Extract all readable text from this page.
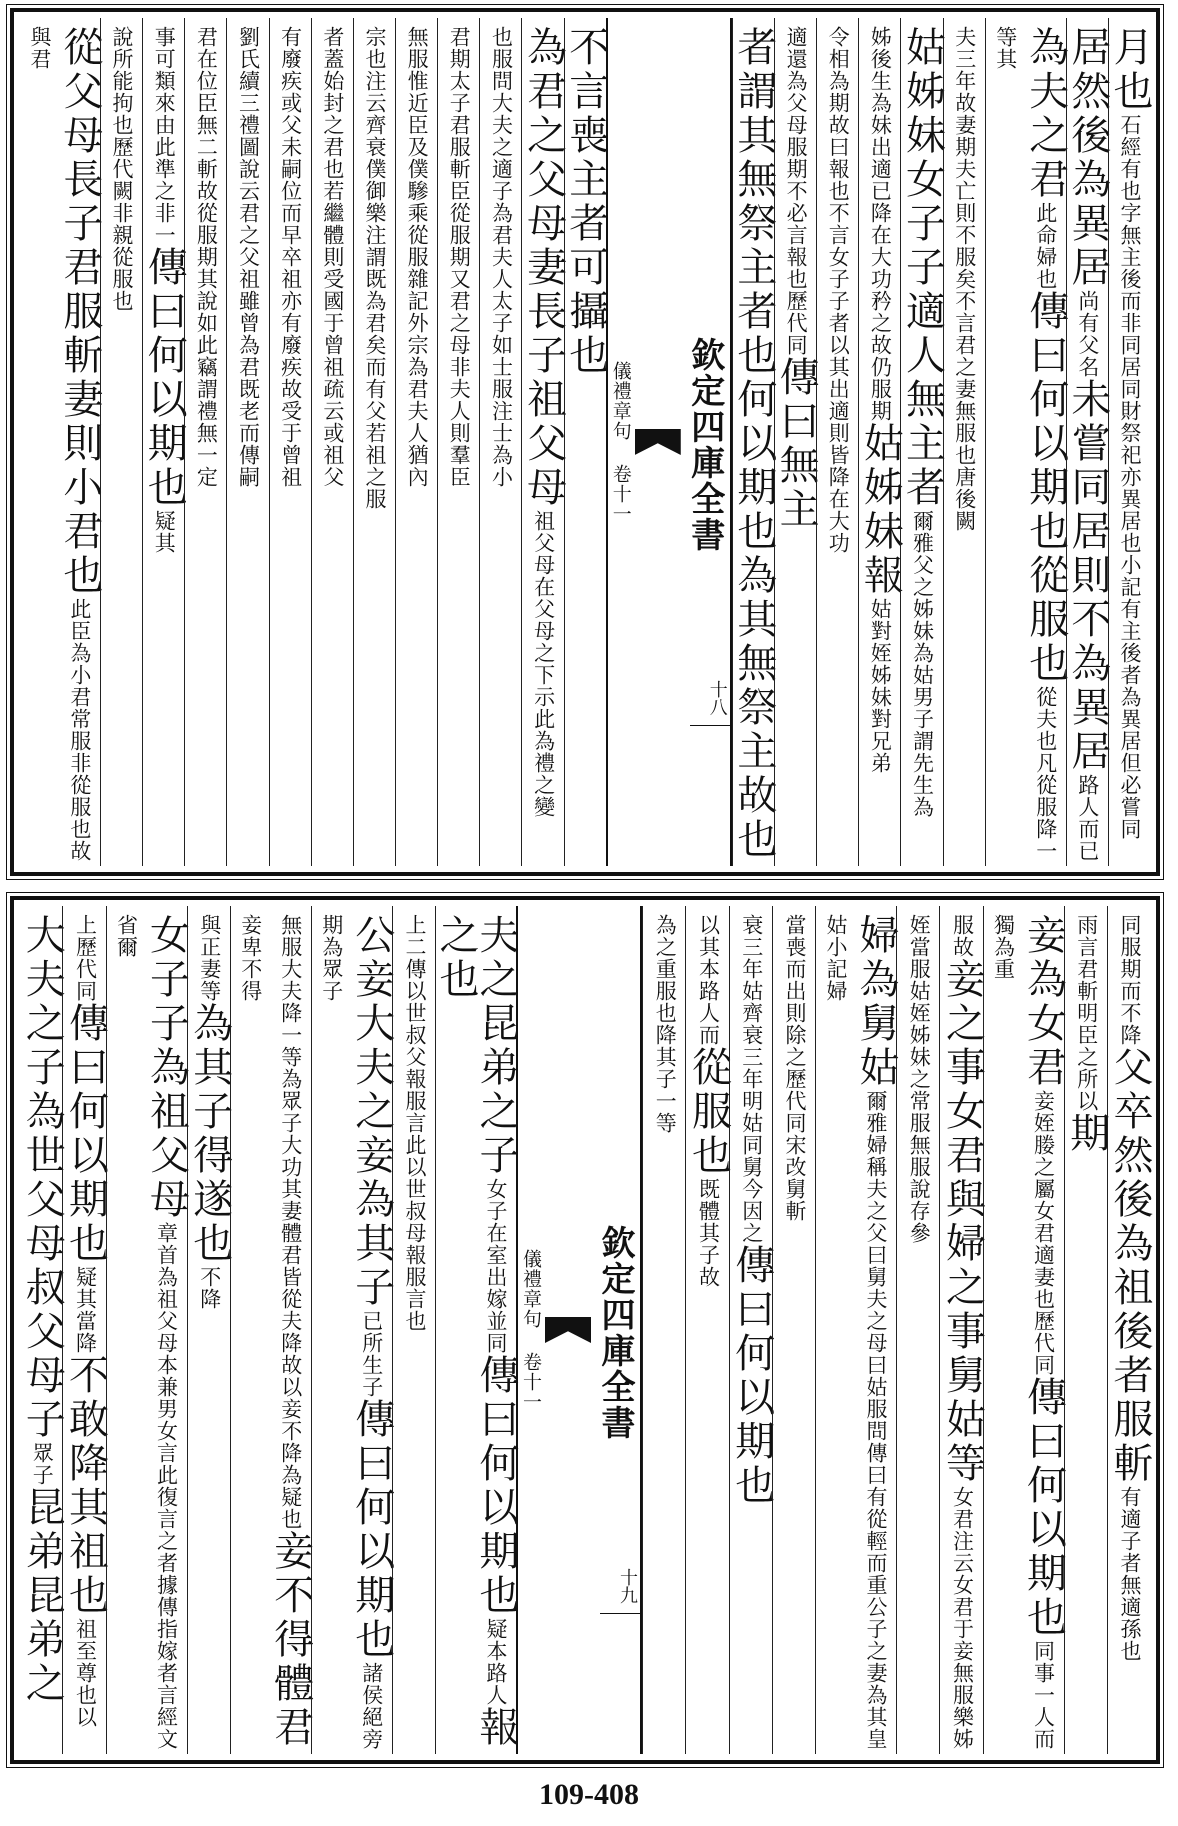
月也石經有也字無主後而非同居同財祭祀亦異居也小記有主後者為異居但必嘗同
居然後為異居尚有父名未嘗同居則不為異居路人而已
為夫之君此命婦也傳曰何以期也從服也從夫也凡從服降一等其
夫三年故妻期夫亡則不服矣不言君之妻無服也唐後闕
姑姊妹女子子適人無主者爾雅父之姊妹為姑男子謂先生為
姊後生為妹出適已降在大功矜之故仍服期姑姊妹報姑對姪姊妹對兄弟
令相為期故曰報也不言女子子者以其出適則皆降在大功
適還為父母服期不必言報也歷代同傳曰無主
者謂其無祭主者也何以期也為其無祭主故也
欽定四庫全書
儀禮章句 卷十一
十八
不言喪主者可攝也
為君之父母妻長子祖父母祖父母在父母之下示此為禮之變
也服問大夫之適子為君夫人太子如士服注士為小
君期太子君服斬臣從服期又君之母非夫人則羣臣
無服惟近臣及僕驂乘從服雜記外宗為君夫人猶內
宗也注云齊衰僕御樂注謂既為君矣而有父若祖之服
者蓋始封之君也若繼體則受國于曾祖疏云或祖父
有廢疾或父未嗣位而早卒祖亦有廢疾故受于曾祖
劉氏續三禮圖說云君之父祖雖曾為君既老而傳嗣
君在位臣無二斬故從服期其說如此竊謂禮無一定
事可類來由此準之非一傳曰何以期也疑其
說所能拘也歷代闕非親從服也
從父母長子君服斬妻則小君也此臣為小君常服非從服也故與君
同服期而不降父卒然後為祖後者服斬有適子者無適孫也
雨言君斬明臣之所以期
妾為女君妾姪媵之屬女君適妻也歷代同傳曰何以期也同事一人而獨為重
服故妾之事女君與婦之事舅姑等女君注云女君于妾無服樂姊
姪當服姑姪姊妹之常服無服說存參
婦為舅姑爾雅婦稱夫之父曰舅夫之母曰姑服問傳曰有從輕而重公子之妻為其皇姑小記婦
當喪而出則除之歷代同宋改舅斬
衰三年姑齊衰三年明姑同舅今因之傳曰何以期也
以其本路人而從服也既體其子故
為之重服也降其子一等
欽定四庫全書
儀禮章句 卷十一
十九
夫之昆弟之子女子在室出嫁並同傳曰何以期也疑本路人報之也
上二傳以世叔父報服言此以世叔母報服言也
公妾大夫之妾為其子已所生子傳曰何以期也諸侯絕旁期為眾子
無服大夫降一等為眾子大功其妻體君皆從夫降故以妾不降為疑也妾不得體君妾卑不得
與正妻等為其子得遂也不降
女子子為祖父母章首為祖父母本兼男女言此復言之者據傳指嫁者言經文省爾
上歷代同傳曰何以期也疑其當降不敢降其祖也祖至尊也以
大夫之子為世父母叔父母子眾子昆弟昆弟之
109-408
